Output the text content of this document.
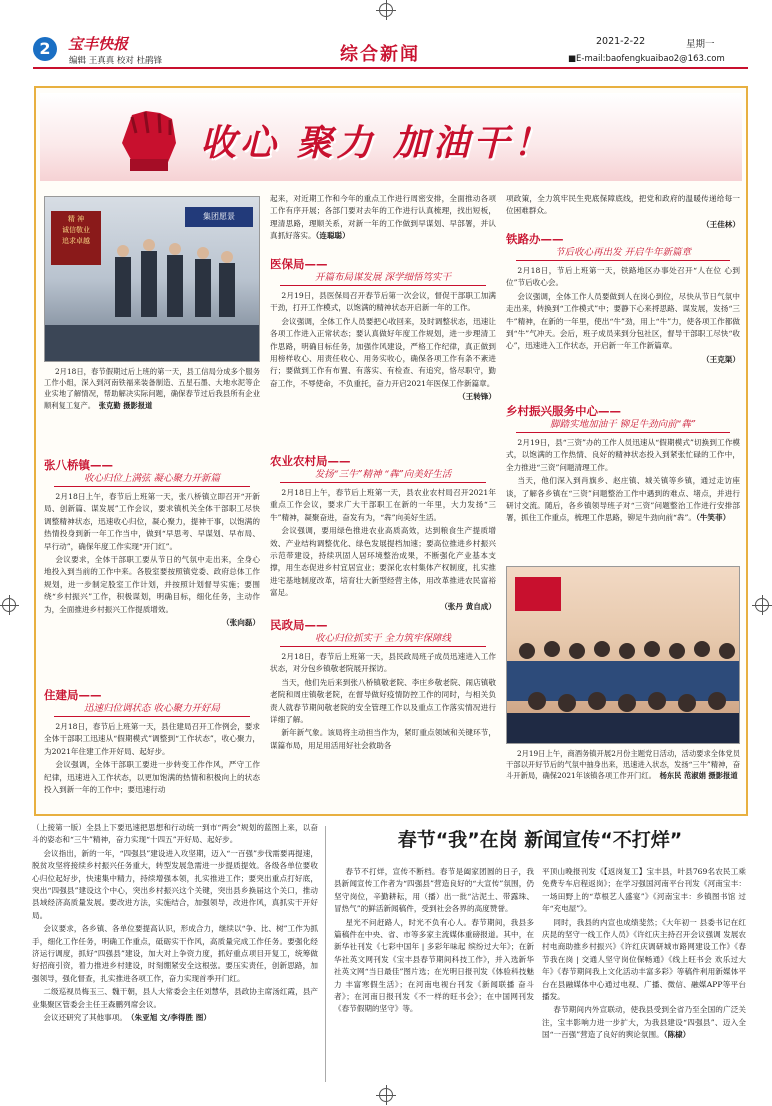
2	宝丰快报
编辑 王真真 校对 杜鹃锋	综合新闻
2021-2-22	星期一
■E-mail:baofengkuaibao2@163.com
收心 聚力 加油干！
精 神
诚信敬业
追求卓越
集团愿景

2月18日，春节假期过后上班的第一天，县工信局分成多个服务工作小组，深入到河南铁福来装备制造、五星石墨、大地水泥等企业实地了解情况，帮助解决实际问题，确保春节过后我县所有企业顺利复工复产。　 张克勤 摄影报道

张八桥镇——
收心归位上满弦 凝心聚力开新篇

2月18日上午，春节后上班第一天，张八桥镇立即召开“开新局、创新篇、谋发展”工作会议，要求镇机关全体干部职工尽快调整精神状态，迅速收心归位，凝心聚力，提神干事，以饱满的热情投身到新一年工作当中，做到“早思考、早谋划、早布局、早行动”，确保年度工作实现“开门红”。

会议要求，全体干部职工要从节日的气氛中走出来，全身心地投入到当前的工作中来。各股室要按照镇党委、政府总体工作规划，进一步制定股室工作计划，并按照计划督导实施；要围绕“乡村振兴”工作，积极谋划，明确目标，细化任务，主动作为，全面推进乡村振兴工作提质增效。

（张向磊）
住建局——
迅速归位调状态 收心聚力开好局

2月18日，春节后上班第一天，县住建局召开工作例会，要求全体干部职工迅速从“假期模式”调整到“工作状态”，收心聚力，为2021年住建工作开好局、起好步。

会议强调，全体干部职工要进一步转变工作作风，严守工作纪律，迅速进入工作状态，以更加饱满的热情和积极向上的状态投入到新一年的工作中；要迅速行动

起来，对近期工作和今年的重点工作进行周密安排，全面推动各项工作有序开展；各部门要对去年的工作进行认真梳理，找出短板，理清思路，理顺关系，对新一年的工作做到早谋划、早部署，并认真抓好落实。（连聪聪）

医保局——
开篇布局谋发展 深学细悟笃实干

2月19日，县医保局召开春节后第一次会议，督促干部职工加满干劲，打开工作模式，以饱满的精神状态开启新一年的工作。

会议强调，全体工作人员要把心收回来，及时调整状态，迅速让各项工作进入正常状态；要认真做好年度工作规划，进一步理清工作思路，明确目标任务，加强作风建设，严格工作纪律，真正做到用榜样收心、用责任收心、用务实收心，确保各项工作有条不紊进行；要做到工作有布置、有落实、有检查、有追究，恪尽职守，勤奋工作，不辱使命，不负重托，奋力开启2021年医保工作新篇章。

（王转锋）
农业农村局——
发扬“三牛”精神 “犇”向美好生活

2月18日上午，春节后上班第一天，县农业农村局召开2021年重点工作会议，要求广大干部职工在新的一年里，大力发扬“三牛”精神，凝聚奋进，奋发有为，“犇”向美好生活。

会议强调，要用绿色推进农业高质高效，达到粮食生产提质增效、产业结构调整优化、绿色发展提档加速；要高位推进乡村振兴示范带建设，持续巩固人居环境整治成果，不断强化产业基本支撑，用生态促进乡村宜居宜业；要深化农村集体产权制度，扎实推进宅基地制度改革，培育壮大新型经营主体，用改革推进农民富裕富足。

（张丹 黄自成）
民政局——
收心归位抓实干 全力筑牢保障线

2月18日，春节后上班第一天，县民政局班子成员迅速进入工作状态，对分包乡镇敬老院展开探访。

当天，他们先后来到张八桥镇敬老院、李庄乡敬老院、闹店镇敬老院和周庄镇敬老院，在督导做好疫情防控工作的同时，与相关负责人就春节期间敬老院的安全管理工作以及重点工作落实情况进行详细了解。

新年新气象。该局将主动担当作为，紧盯重点领域和关键环节，谋篇布局，用足用活用好社会救助各

项政策，全力筑牢民生兜底保障底线，把党和政府的温暖传递给每一位困难群众。

（王佳林）
铁路办——
节后收心再出发 开启牛年新篇章

2月18日，节后上班第一天，铁路地区办事处召开“人在位 心到位”节后收心会。

会议强调，全体工作人员要做到人在岗心到位，尽快从节日气氛中走出来，转换到“工作模式”中；要静下心来捋思路、谋发展，发扬“三牛”精神，在新的一年里，使出“牛”劲，用上“牛”力，使各项工作都做到“牛”气冲天。会后，班子成员来到分包社区，督导干部职工尽快“收心”，迅速进入工作状态，开启新一年工作新篇章。

（王克渠）
乡村振兴服务中心——
脚踏实地加油干 铆足牛劲向前“犇”

2月19日，县“三资”办的工作人员迅速从“假期模式”切换到工作模式，以饱满的工作热情、良好的精神状态投入到紧张忙碌的工作中，全力推进“三资”问题清理工作。

当天，他们深入到肖旗乡、赵庄镇、城关镇等乡镇，通过走访座谈，了解各乡镇在“三资”问题整治工作中遇到的难点、堵点，并进行研讨交流。随后，各乡镇领导班子对“三资”问题整治工作进行安排部署，抓住工作重点，梳理工作思路，铆足牛劲向前“犇”。（牛笑菲）

2月19日上午，商酒务镇开展2月份主题党日活动，活动要求全体党员干部以开好节后的气氛中抽身出来，迅速进入状态，发扬“三牛”精神，奋斗开新局，确保2021年该镇各项工作开门红。　 杨东民 范淑娟 摄影报道

（上接第一版）全县上下要迅速把思想和行动统一到市“两会”规划的蓝图上来，以奋斗的姿态和“三牛”精神，奋力实现“十四五”开好局、起好步。

会议指出，新的一年，“四强县”建设进入攻坚期，迈入“一百强”步伐需要再提速，脱贫攻坚将接续乡村振兴任务重大，转型发展急需进一步提质提效。各级各单位要收心归位起好步，快速集中精力，持续增强本领，扎实推进工作；要突出重点打好底，突出“四强县”建设这个中心，突出乡村振兴这个关键，突出县乡换届这个关口，推动县域经济高质量发展。要改进方法，实施结合，加强领导，改进作风，真抓实干开好局。

会议要求，各乡镇、各单位要提高认识，形成合力，继续以“争、比、树”工作为抓手，细化工作任务，明确工作重点，砥砺实干作风，高质量完成工作任务。要强化经济运行调度，抓好“四强县”建设，加大对上争资力度，抓好重点项目开复工，统筹做好招商引资，着力推进乡村建设，时刻绷紧安全这根弦。要压实责任，创新思路，加强领导，强化督查，扎实推进各项工作，奋力实现首季开门红。

二级巡视员梅玉三、魏干朝，县人大常委会主任刘慧华，县政协主席汤红霞，县产业集聚区管委会主任王森鹏列席会议。

会议还研究了其他事项。　 （朱亚旭 文/李得胜 图）

春节“我”在岗 新闻宣传“不打烊”

春节不打烊，宣传不断档。春节是阖家团圆的日子，我县新闻宣传工作者为“四强县”营造良好的“大宣传”氛围，仍坚守岗位，辛勤耕耘，用（播）出一批“沾泥土、带露珠、冒热气”的鲜活新闻稿件，受到社会各界的高度赞誉。

星光不问赶路人，时光不负有心人。春节期间，我县多篇稿件在中央、省、市等多家主流媒体重磅报道。其中，在新华社刊发《七彩中国年 | 多彩年味起 缤纷过大年》；在新华社英文网刊发《宝丰县春节期间科技工作》，并入选新华社英文网“当日最佳”图片选；在光明日报刊发《体验科技魅力 丰富寒假生活》；在河南电视台刊发《新闻联播 奋斗者》；在河南日报刊发《不一样的旺书会》；在中国网刊发《春节假期的坚守》等。

平顶山晚报刊发《【返岗复工】宝丰县，叶县769名农民工乘免费专车启程返岗》；在学习强国河南平台刊发《河南宝丰：一场田野上的“草根艺人盛宴”》《河南宝丰：乡镇图书馆 过年“充电屋”》。

同时，我县的内宣也成绩斐然；《大年初一 县委书记在红庆昆的坚守一线工作人员》《许红庆主持召开会议强调 发展农村电商助推乡村振兴》《许红庆调研城市路网建设工作》《春节我在岗 | 交通人坚守岗位保畅通》《线上旺书会 欢乐过大年》《春节期间我上文化活动丰富多彩》等稿件利用新媒体平台在县融媒体中心通过电视、广播、微信、融媒APP等平台播发。

春节期间内外宣联动，使我县受到全省乃至全国的广泛关注，宝丰影响力进一步扩大，为我县建设“四强县”、迈入全国“一百强”营造了良好的舆论氛围。（陈棣）
